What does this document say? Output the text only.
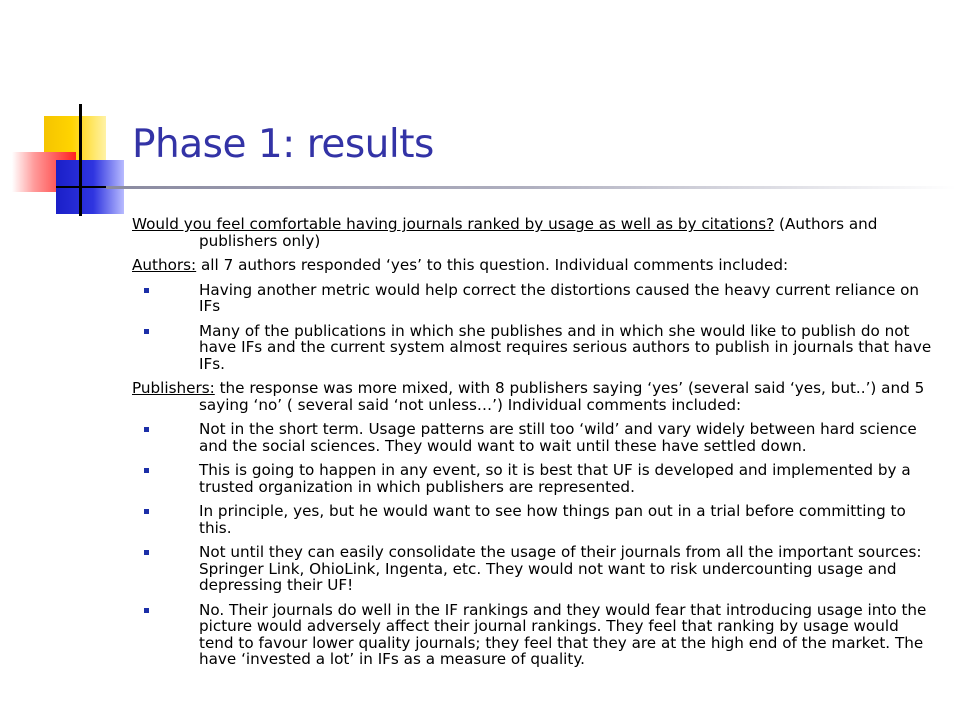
Phase 1: results

Would you feel comfortable having journals ranked by usage as well as by citations? (Authors and publishers only)

Authors: all 7 authors responded ‘yes’ to this question. Individual comments included:

Having another metric would help correct the distortions caused the heavy current reliance on IFs
Many of the publications in which she publishes and in which she would like to publish do not have IFs and the current system almost requires serious authors to publish in journals that have IFs.

Publishers: the response was more mixed, with 8 publishers saying ‘yes’ (several said ‘yes, but..’) and 5 saying ‘no’ ( several said ‘not unless…’) Individual comments included:

Not in the short term. Usage patterns are still too ‘wild’ and vary widely between hard science and the social sciences. They would want to wait until these have settled down.
This is going to happen in any event, so it is best that UF is developed and implemented by a trusted organization in which publishers are represented.
In principle, yes, but he would want to see how things pan out in a trial before committing to this.
Not until they can easily consolidate the usage of their journals from all the important sources: Springer Link, OhioLink, Ingenta, etc. They would not want to risk undercounting usage and depressing their UF!
No. Their journals do well in the IF rankings and they would fear that introducing usage into the picture would adversely affect their journal rankings. They feel that ranking by usage would tend to favour lower quality journals; they feel that they are at the high end of the market. The have ‘invested a lot’ in IFs as a measure of quality.
